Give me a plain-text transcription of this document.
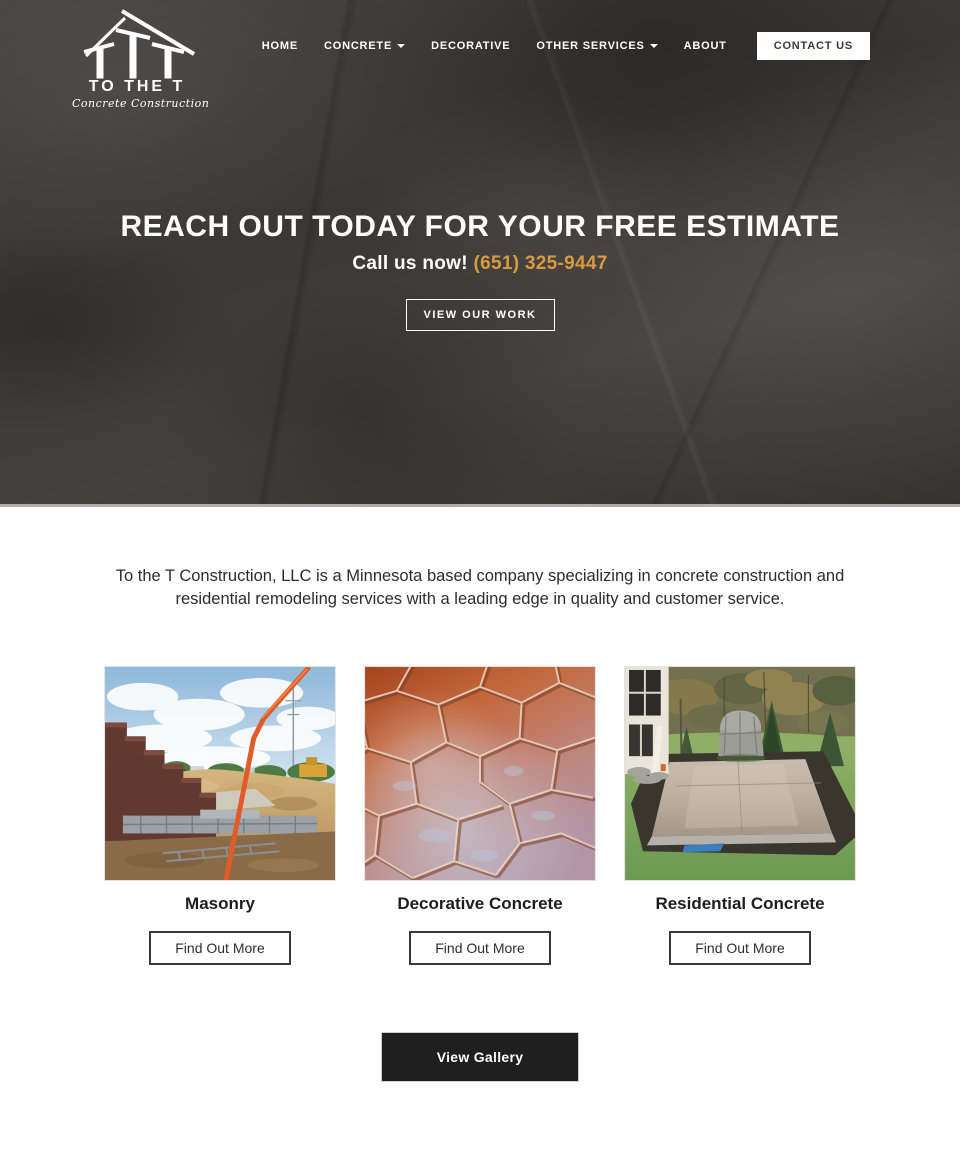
TO THE T
Concrete Construction
HOME CONCRETE	DECORATIVE OTHER SERVICES	ABOUT	CONTACT US
REACH OUT TODAY FOR YOUR FREE ESTIMATE
Call us now! (651) 325-9447
VIEW OUR WORK

To the T Construction, LLC is a Minnesota based company specializing in concrete construction and residential remodeling services with a leading edge in quality and customer service.

Masonry
Find Out More
Decorative Concrete
Find Out More
Residential Concrete
Find Out More
View Gallery
